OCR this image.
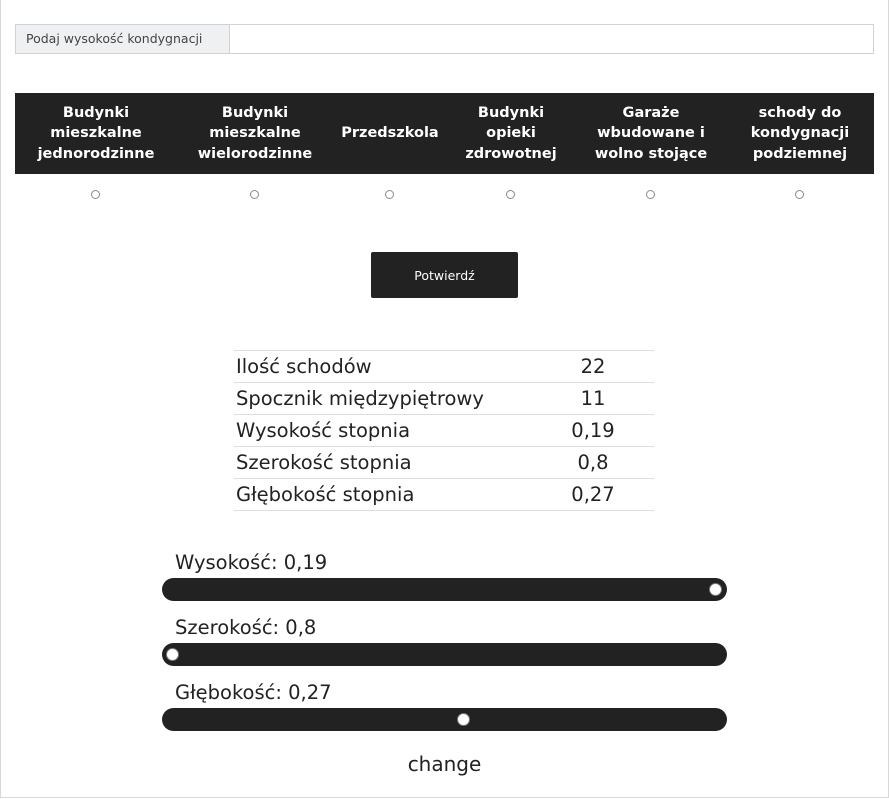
Podaj wysokość kondygnacji
Budynki mieszkalne jednorodzinne
Budynki mieszkalne wielorodzinne
Przedszkola
Budynki opieki zdrowotnej
Garaże wbudowane i wolno stojące
schody do kondygnacji podziemnej
Potwierdź
Ilość schodów	22
Spocznik międzypiętrowy	11
Wysokość stopnia	0,19
Szerokość stopnia	0,8
Głębokość stopnia	0,27
Wysokość: 0,19
Szerokość: 0,8
Głębokość: 0,27
change
